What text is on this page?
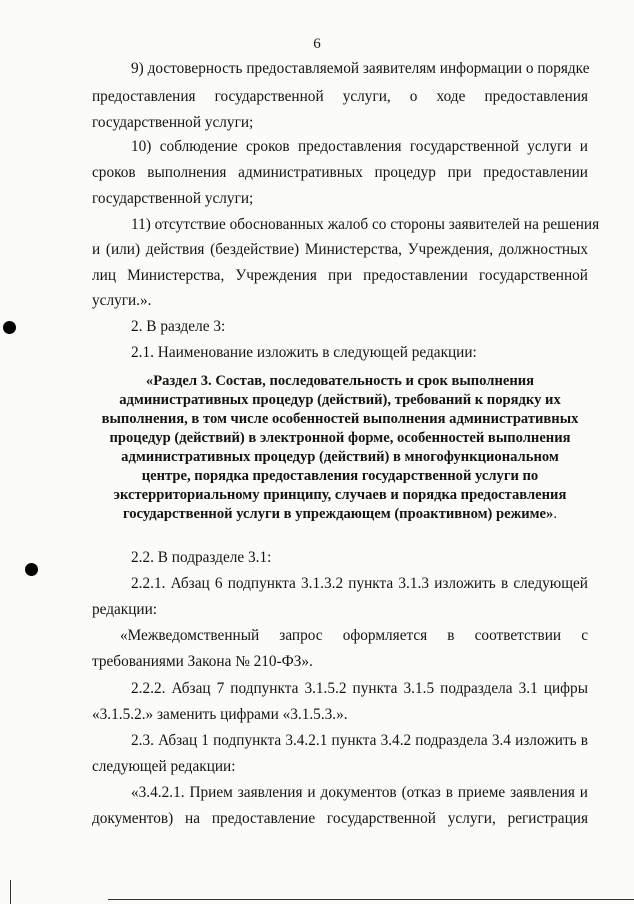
6
9) достоверность предоставляемой заявителям информации о порядке
предоставления государственной услуги, о ходе предоставления
государственной услуги;
10) соблюдение сроков предоставления государственной услуги и
сроков выполнения административных процедур при предоставлении
государственной услуги;
11) отсутствие обоснованных жалоб со стороны заявителей на решения
и (или) действия (бездействие) Министерства, Учреждения, должностных
лиц Министерства, Учреждения при предоставлении государственной
услуги.».
2. В разделе 3:
2.1. Наименование изложить в следующей редакции:
2.2. В подразделе 3.1:
2.2.1. Абзац 6 подпункта 3.1.3.2 пункта 3.1.3 изложить в следующей
редакции:
«Межведомственный запрос оформляется в соответствии с
требованиями Закона № 210-ФЗ».
2.2.2. Абзац 7 подпункта 3.1.5.2 пункта 3.1.5 подраздела 3.1 цифры
«3.1.5.2.» заменить цифрами «3.1.5.3.».
2.3. Абзац 1 подпункта 3.4.2.1 пункта 3.4.2 подраздела 3.4 изложить в
следующей редакции:
«3.4.2.1. Прием заявления и документов (отказ в приеме заявления и
документов) на предоставление государственной услуги, регистрация
«Раздел 3. Состав, последовательность и срок выполнения
административных процедур (действий), требований к порядку их
выполнения, в том числе особенностей выполнения административных
процедур (действий) в электронной форме, особенностей выполнения
административных процедур (действий) в многофункциональном
центре, порядка предоставления государственной услуги по
экстерриториальному принципу, случаев и порядка предоставления
государственной услуги в упреждающем (проактивном) режиме».
